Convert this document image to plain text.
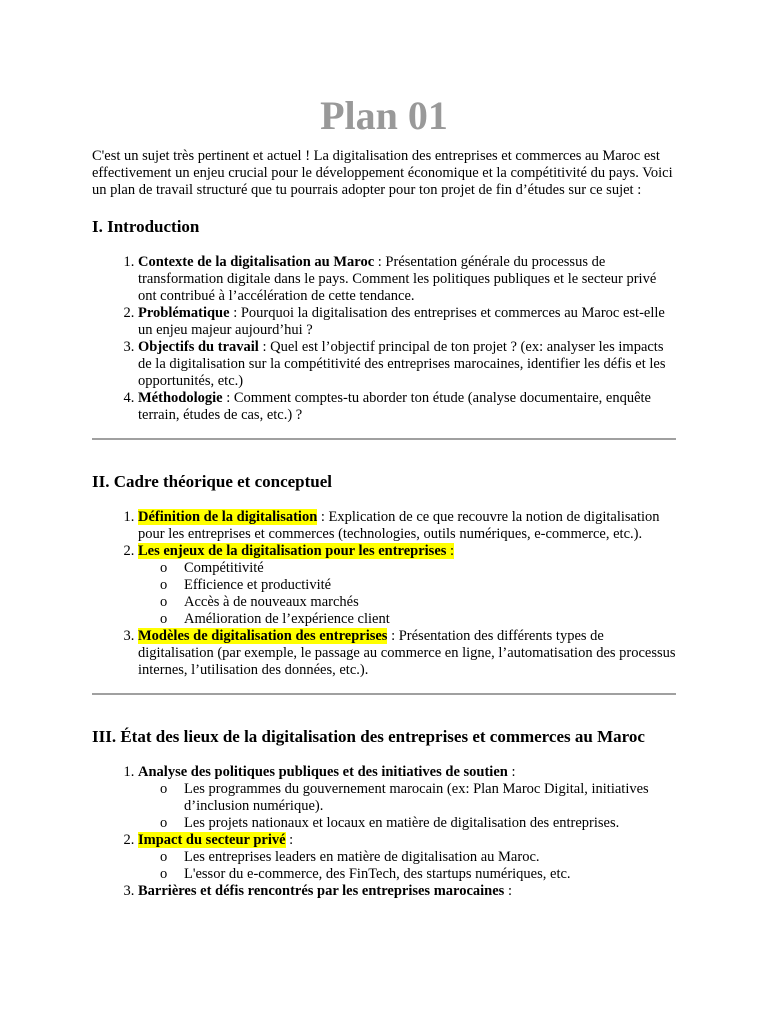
Plan 01

C'est un sujet très pertinent et actuel ! La digitalisation des entreprises et commerces au Maroc est effectivement un enjeu crucial pour le développement économique et la compétitivité du pays. Voici un plan de travail structuré que tu pourrais adopter pour ton projet de fin d’études sur ce sujet :

I. Introduction
1. Contexte de la digitalisation au Maroc : Présentation générale du processus de transformation digitale dans le pays. Comment les politiques publiques et le secteur privé ont contribué à l’accélération de cette tendance.
2. Problématique : Pourquoi la digitalisation des entreprises et commerces au Maroc est-elle un enjeu majeur aujourd’hui ?
3. Objectifs du travail : Quel est l’objectif principal de ton projet ? (ex: analyser les impacts de la digitalisation sur la compétitivité des entreprises marocaines, identifier les défis et les opportunités, etc.)
4. Méthodologie : Comment comptes-tu aborder ton étude (analyse documentaire, enquête terrain, études de cas, etc.) ?
II. Cadre théorique et conceptuel
1. Définition de la digitalisation : Explication de ce que recouvre la notion de digitalisation pour les entreprises et commerces (technologies, outils numériques, e-commerce, etc.).
2. Les enjeux de la digitalisation pour les entreprises :
o Compétitivité
o Efficience et productivité
o Accès à de nouveaux marchés
o Amélioration de l’expérience client
3. Modèles de digitalisation des entreprises : Présentation des différents types de digitalisation (par exemple, le passage au commerce en ligne, l’automatisation des processus internes, l’utilisation des données, etc.).
III. État des lieux de la digitalisation des entreprises et commerces au Maroc
1. Analyse des politiques publiques et des initiatives de soutien :
o Les programmes du gouvernement marocain (ex: Plan Maroc Digital, initiatives d’inclusion numérique).
o Les projets nationaux et locaux en matière de digitalisation des entreprises.
2. Impact du secteur privé :
o Les entreprises leaders en matière de digitalisation au Maroc.
o L'essor du e-commerce, des FinTech, des startups numériques, etc.
3. Barrières et défis rencontrés par les entreprises marocaines :
